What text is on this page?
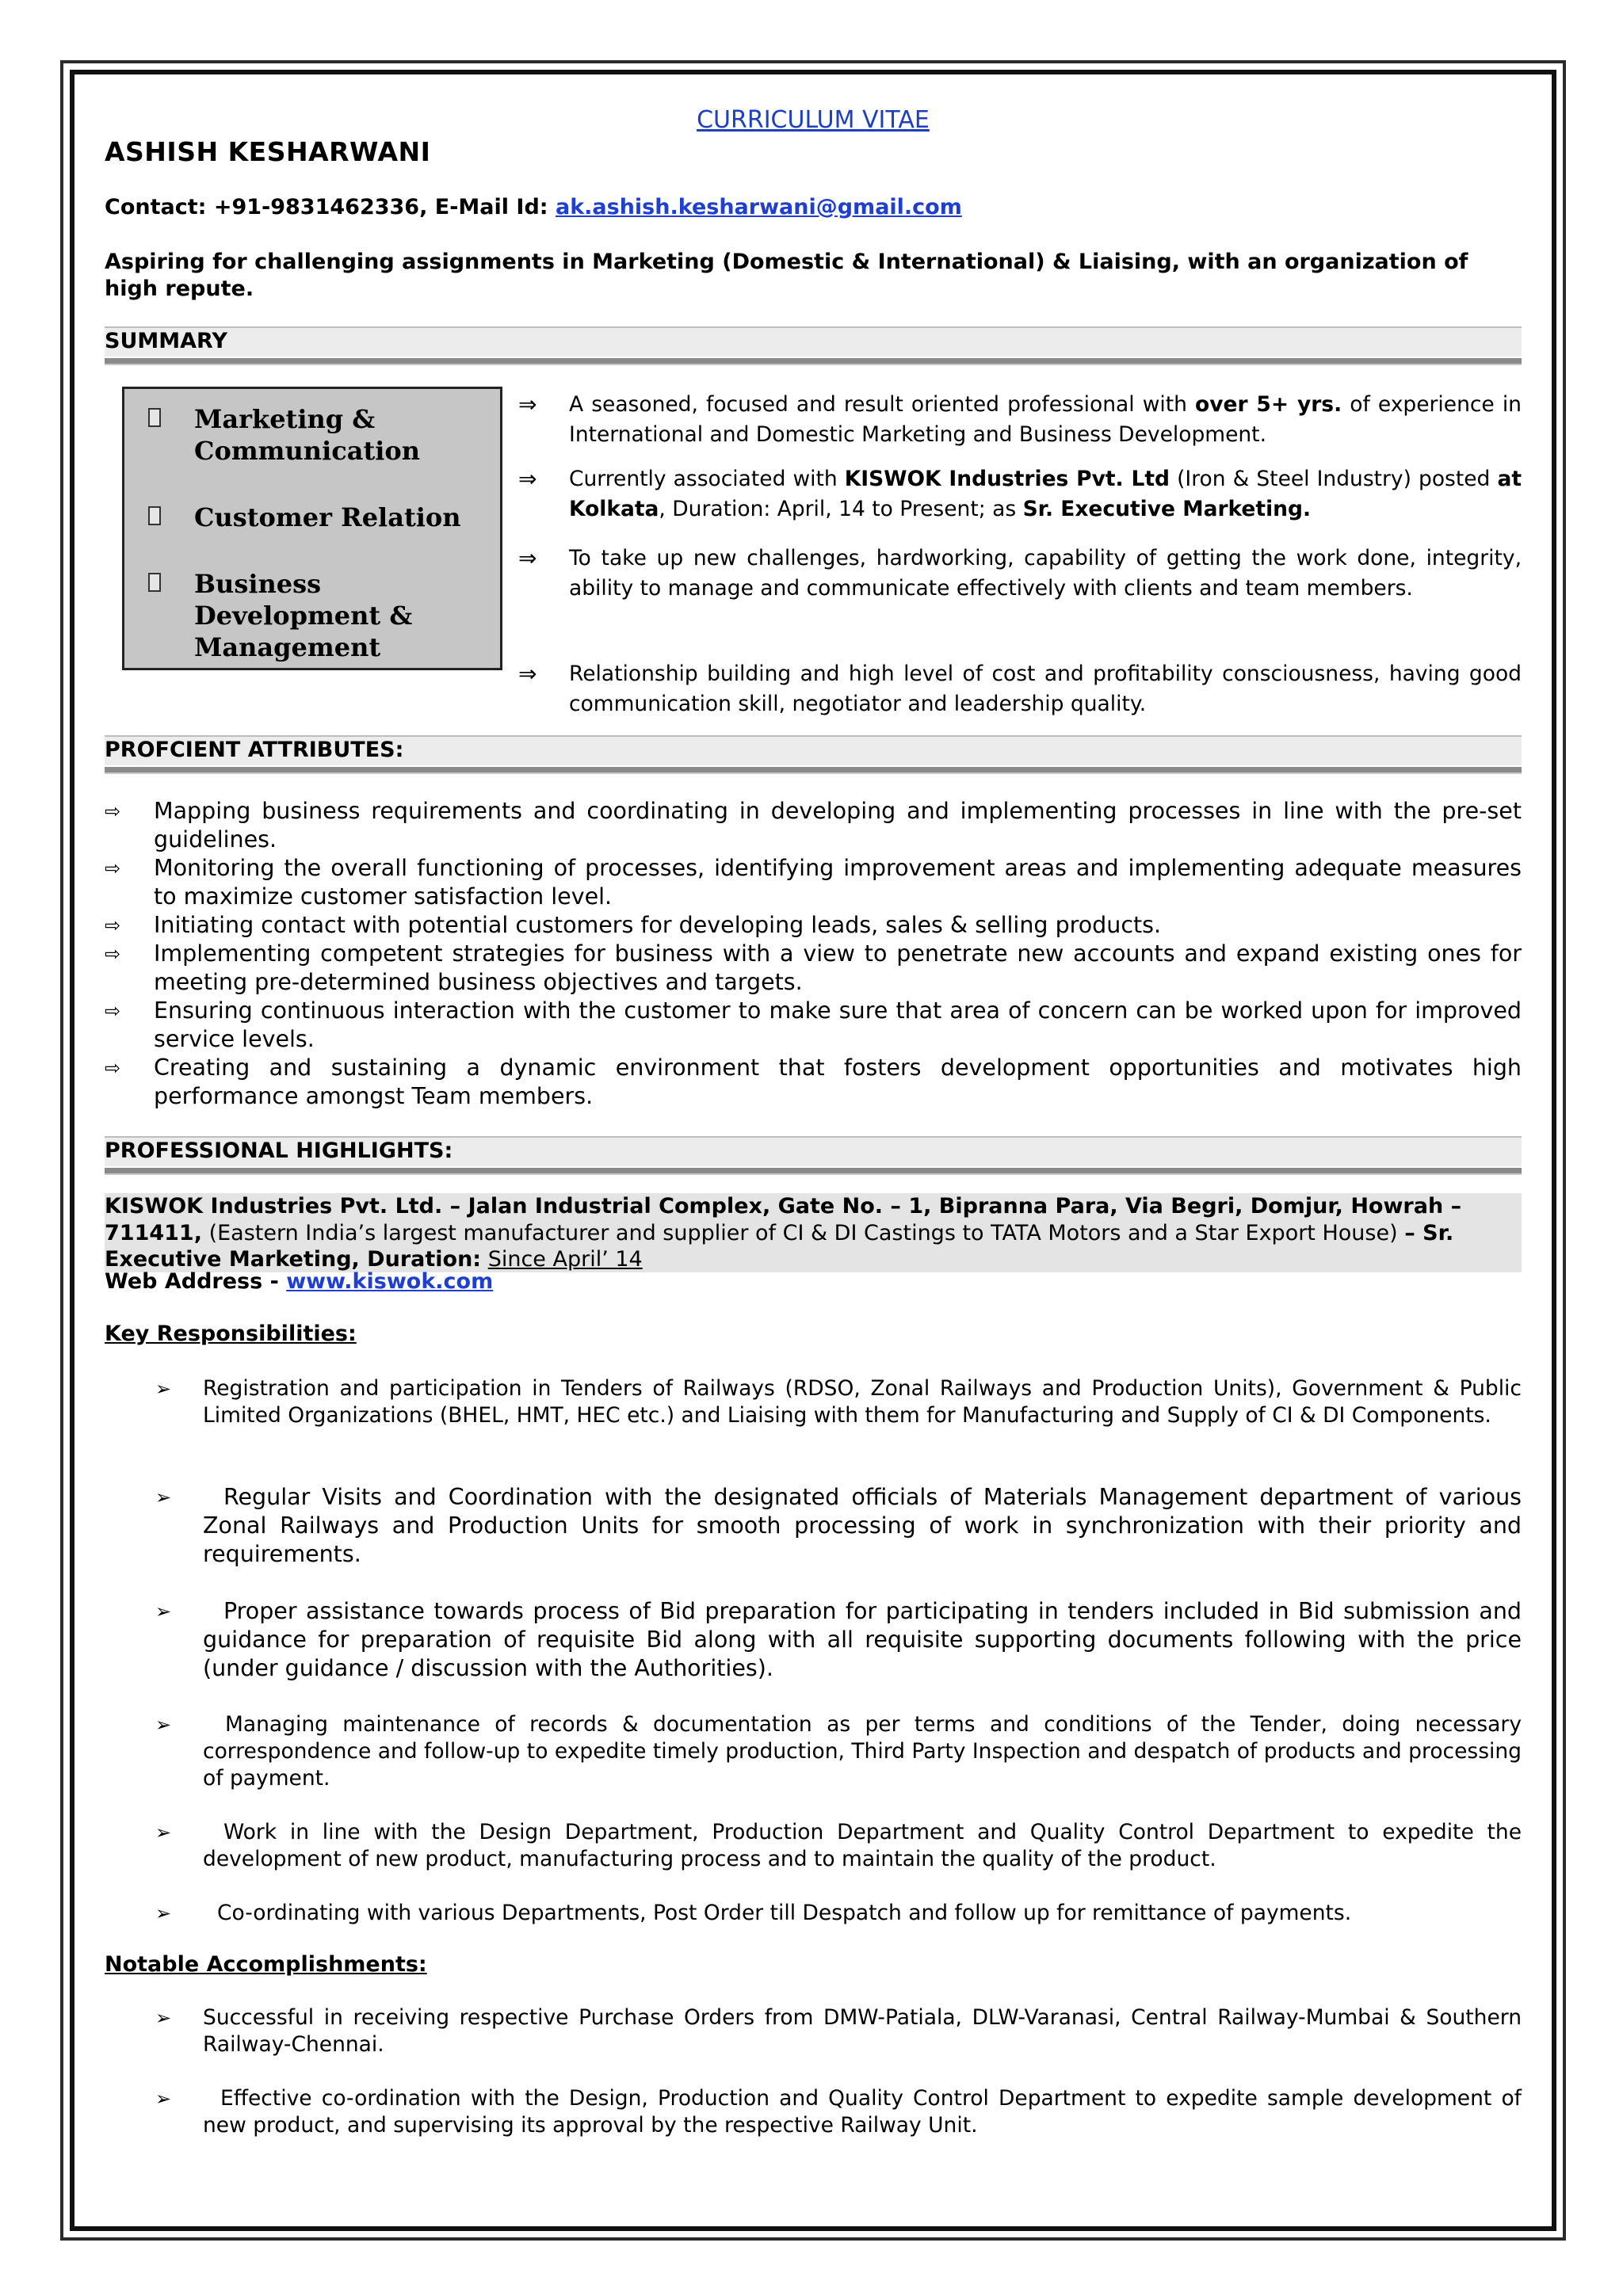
CURRICULUM VITAE
ASHISH KESHARWANI
Contact: +91-9831462336, E-Mail Id: ak.ashish.kesharwani@gmail.com
Aspiring for challenging assignments in Marketing (Domestic & International) & Liaising, with an organization of high repute.
SUMMARY
Marketing & Communication
Customer Relation
Business Development & Management
⇒ A seasoned, focused and result oriented professional with over 5+ yrs. of experience in International and Domestic Marketing and Business Development.
⇒ Currently associated with KISWOK Industries Pvt. Ltd (Iron & Steel Industry) posted at Kolkata, Duration: April, 14 to Present; as Sr. Executive Marketing.
⇒ To take up new challenges, hardworking, capability of getting the work done, integrity, ability to manage and communicate effectively with clients and team members.
⇒ Relationship building and high level of cost and profitability consciousness, having good communication skill, negotiator and leadership quality.
PROFCIENT ATTRIBUTES:
⇨ Mapping business requirements and coordinating in developing and implementing processes in line with the pre-set guidelines.
⇨ Monitoring the overall functioning of processes, identifying improvement areas and implementing adequate measures to maximize customer satisfaction level.
⇨ Initiating contact with potential customers for developing leads, sales & selling products.
⇨ Implementing competent strategies for business with a view to penetrate new accounts and expand existing ones for meeting pre-determined business objectives and targets.
⇨ Ensuring continuous interaction with the customer to make sure that area of concern can be worked upon for improved service levels.
⇨ Creating and sustaining a dynamic environment that fosters development opportunities and motivates high performance amongst Team members.
PROFESSIONAL HIGHLIGHTS:
KISWOK Industries Pvt. Ltd. – Jalan Industrial Complex, Gate No. – 1, Bipranna Para, Via Begri, Domjur, Howrah – 711411, (Eastern India’s largest manufacturer and supplier of CI & DI Castings to TATA Motors and a Star Export House) – Sr. Executive Marketing, Duration: Since April’ 14
Web Address - www.kiswok.com
Key Responsibilities:
➢ Registration and participation in Tenders of Railways (RDSO, Zonal Railways and Production Units), Government & Public Limited Organizations (BHEL, HMT, HEC etc.) and Liaising with them for Manufacturing and Supply of CI & DI Components.
➢	Regular Visits and Coordination with the designated officials of Materials Management department of various Zonal Railways and Production Units for smooth processing of work in synchronization with their priority and requirements.
➢	Proper assistance towards process of Bid preparation for participating in tenders included in Bid submission and guidance for preparation of requisite Bid along with all requisite supporting documents following with the price (under guidance / discussion with the Authorities).
➢	Managing maintenance of records & documentation as per terms and conditions of the Tender, doing necessary correspondence and follow-up to expedite timely production, Third Party Inspection and despatch of products and processing of payment.
➢	Work in line with the Design Department, Production Department and Quality Control Department to expedite the development of new product, manufacturing process and to maintain the quality of the product.
➢	Co-ordinating with various Departments, Post Order till Despatch and follow up for remittance of payments.
Notable Accomplishments:
➢ Successful in receiving respective Purchase Orders from DMW-Patiala, DLW-Varanasi, Central Railway-Mumbai & Southern Railway-Chennai.
➢	Effective co-ordination with the Design, Production and Quality Control Department to expedite sample development of new product, and supervising its approval by the respective Railway Unit.
